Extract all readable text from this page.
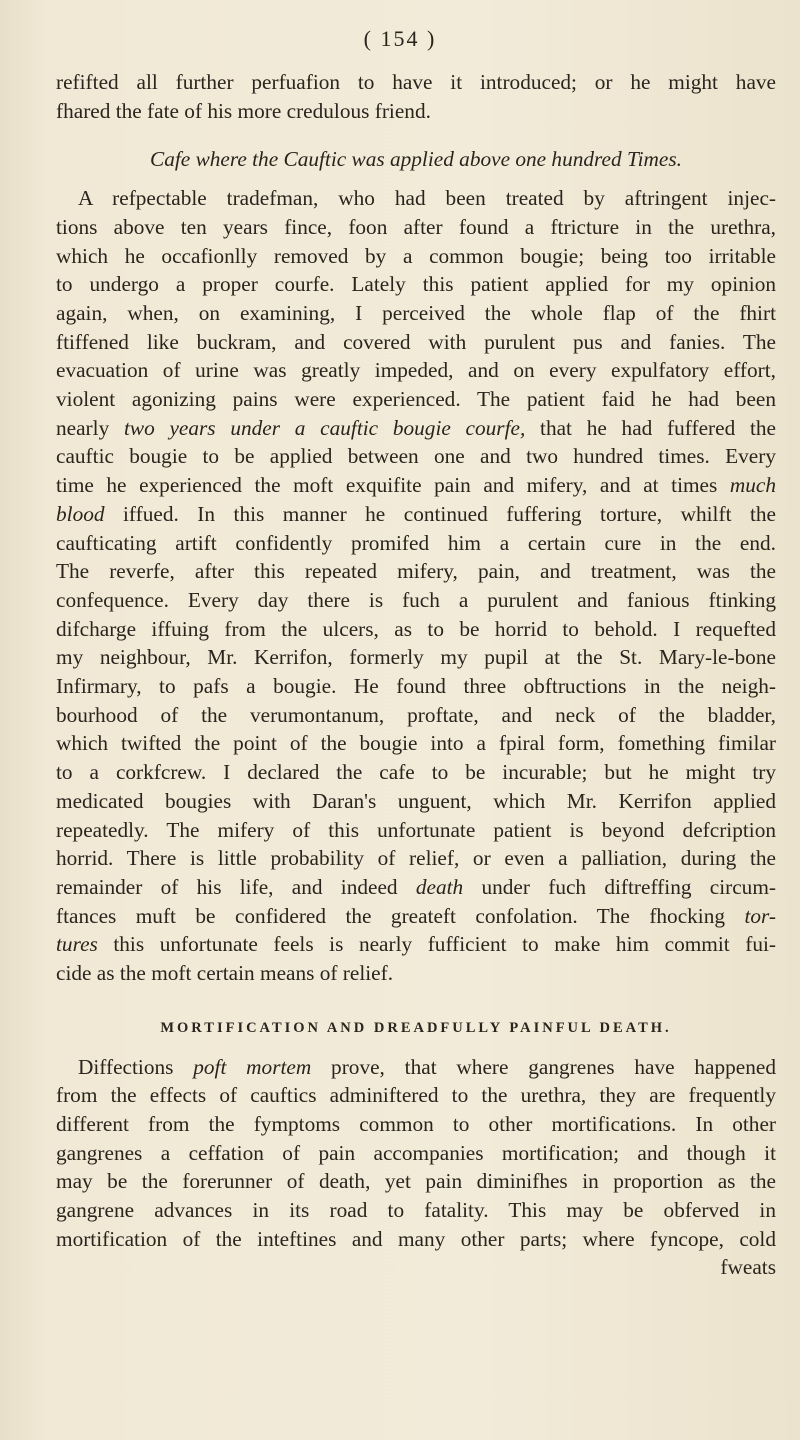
( 154 )

refifted all further perfuafion to have it introduced; or he might have
fhared the fate of his more credulous friend.

Cafe where the Cauftic was applied above one hundred Times.

A refpectable tradefman, who had been treated by aftringent injec-
tions above ten years fince, foon after found a ftricture in the urethra,
which he occafionlly removed by a common bougie; being too irritable
to undergo a proper courfe. Lately this patient applied for my opinion
again, when, on examining, I perceived the whole flap of the fhirt
ftiffened like buckram, and covered with purulent pus and fanies. The
evacuation of urine was greatly impeded, and on every expulfatory effort,
violent agonizing pains were experienced. The patient faid he had been
nearly two years under a cauftic bougie courfe, that he had fuffered the
cauftic bougie to be applied between one and two hundred times. Every
time he experienced the moft exquifite pain and mifery, and at times much
blood iffued. In this manner he continued fuffering torture, whilft the
caufticating artift confidently promifed him a certain cure in the end.
The reverfe, after this repeated mifery, pain, and treatment, was the
confequence. Every day there is fuch a purulent and fanious ftinking
difcharge iffuing from the ulcers, as to be horrid to behold. I requefted
my neighbour, Mr. Kerrifon, formerly my pupil at the St. Mary-le-bone
Infirmary, to pafs a bougie. He found three obftructions in the neigh-
bourhood of the verumontanum, proftate, and neck of the bladder,
which twifted the point of the bougie into a fpiral form, fomething fimilar
to a corkfcrew. I declared the cafe to be incurable; but he might try
medicated bougies with Daran's unguent, which Mr. Kerrifon applied
repeatedly. The mifery of this unfortunate patient is beyond defcription
horrid. There is little probability of relief, or even a palliation, during the
remainder of his life, and indeed death under fuch diftreffing circum-
ftances muft be confidered the greateft confolation. The fhocking tor-
tures this unfortunate feels is nearly fufficient to make him commit fui-
cide as the moft certain means of relief.

MORTIFICATION AND DREADFULLY PAINFUL DEATH.

Diffections poft mortem prove, that where gangrenes have happened
from the effects of cauftics adminiftered to the urethra, they are frequently
different from the fymptoms common to other mortifications. In other
gangrenes a ceffation of pain accompanies mortification; and though it
may be the forerunner of death, yet pain diminifhes in proportion as the
gangrene advances in its road to fatality. This may be obferved in
mortification of the inteftines and many other parts; where fyncope, cold

fweats
